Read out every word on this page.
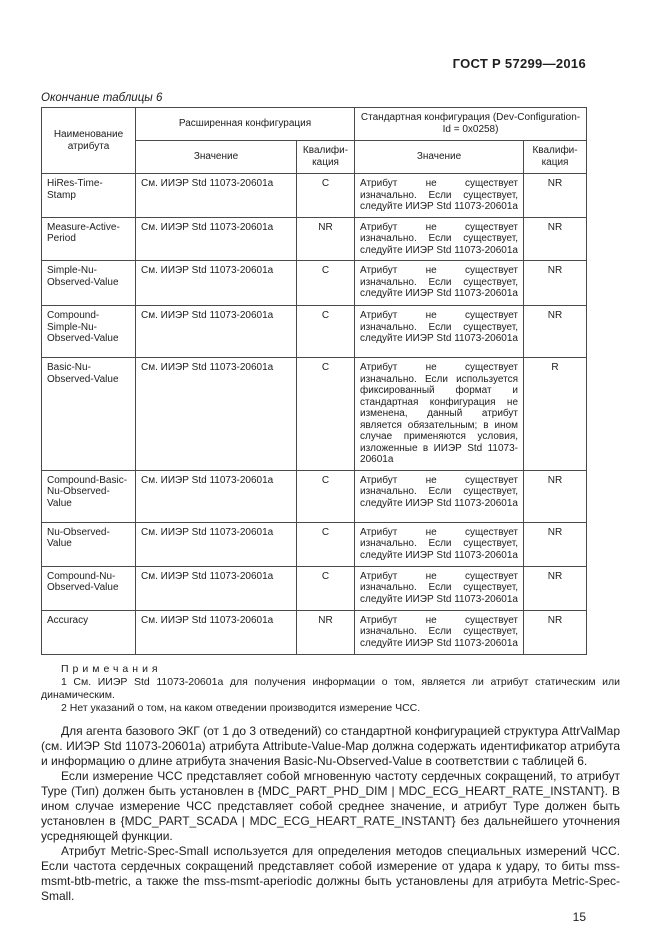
ГОСТ Р 57299—2016
Окончание таблицы 6
Наименование атрибута	Расширенная конфигурация		Стандартная конфигурация (Dev-Configuration-Id = 0x0258)	
	Значение	Квалифи-кация	Значение	Квалифи-кация
HiRes-Time-Stamp	См. ИИЭР Std 11073-20601a	C	Атрибут не существует изначально. Если существует, следуйте ИИЭР Std 11073-20601a	NR
Measure-Active-Period	См. ИИЭР Std 11073-20601a	NR	Атрибут не существует изначально. Если существует, следуйте ИИЭР Std 11073-20601a	NR
Simple-Nu-Observed-Value	См. ИИЭР Std 11073-20601a	C	Атрибут не существует изначально. Если существует, следуйте ИИЭР Std 11073-20601a	NR
Compound-Simple-Nu-Observed-Value	См. ИИЭР Std 11073-20601a	C	Атрибут не существует изначально. Если существует, следуйте ИИЭР Std 11073-20601a	NR
Basic-Nu-Observed-Value	См. ИИЭР Std 11073-20601a	C	Атрибут не существует изначально. Если используется фиксированный формат и стандартная конфигурация не изменена, данный атрибут является обязательным; в ином случае применяются условия, изложенные в ИИЭР Std 11073-20601a	R
Compound-Basic-Nu-Observed-Value	См. ИИЭР Std 11073-20601a	C	Атрибут не существует изначально. Если существует, следуйте ИИЭР Std 11073-20601a	NR
Nu-Observed-Value	См. ИИЭР Std 11073-20601a	C	Атрибут не существует изначально. Если существует, следуйте ИИЭР Std 11073-20601a	NR
Compound-Nu-Observed-Value	См. ИИЭР Std 11073-20601a	C	Атрибут не существует изначально. Если существует, следуйте ИИЭР Std 11073-20601a	NR
Accuracy	См. ИИЭР Std 11073-20601a	NR	Атрибут не существует изначально. Если существует, следуйте ИИЭР Std 11073-20601a	NR
Примечания
1 См. ИИЭР Std 11073-20601a для получения информации о том, является ли атрибут статическим или динамическим.
2 Нет указаний о том, на каком отведении производится измерение ЧСС.

Для агента базового ЭКГ (от 1 до 3 отведений) со стандартной конфигурацией структура AttrValMap (см. ИИЭР Std 11073-20601a) атрибута Attribute-Value-Map должна содержать идентификатор атрибута и информацию о длине атрибута значения Basic-Nu-Observed-Value в соответствии с таблицей 6.

Если измерение ЧСС представляет собой мгновенную частоту сердечных сокращений, то атрибут Type (Тип) должен быть установлен в {MDC_PART_PHD_DIM | MDC_ECG_HEART_RATE_INSTANT}. В ином случае измерение ЧСС представляет собой среднее значение, и атрибут Type должен быть установлен в {MDC_PART_SCADA | MDC_ECG_HEART_RATE_INSTANT} без дальнейшего уточнения усредняющей функции.

Атрибут Metric-Spec-Small используется для определения методов специальных измерений ЧСС. Если частота сердечных сокращений представляет собой измерение от удара к удару, то биты mss-msmt-btb-metric, а также the mss-msmt-aperiodic должны быть установлены для атрибута Metric-Spec-Small.

15
